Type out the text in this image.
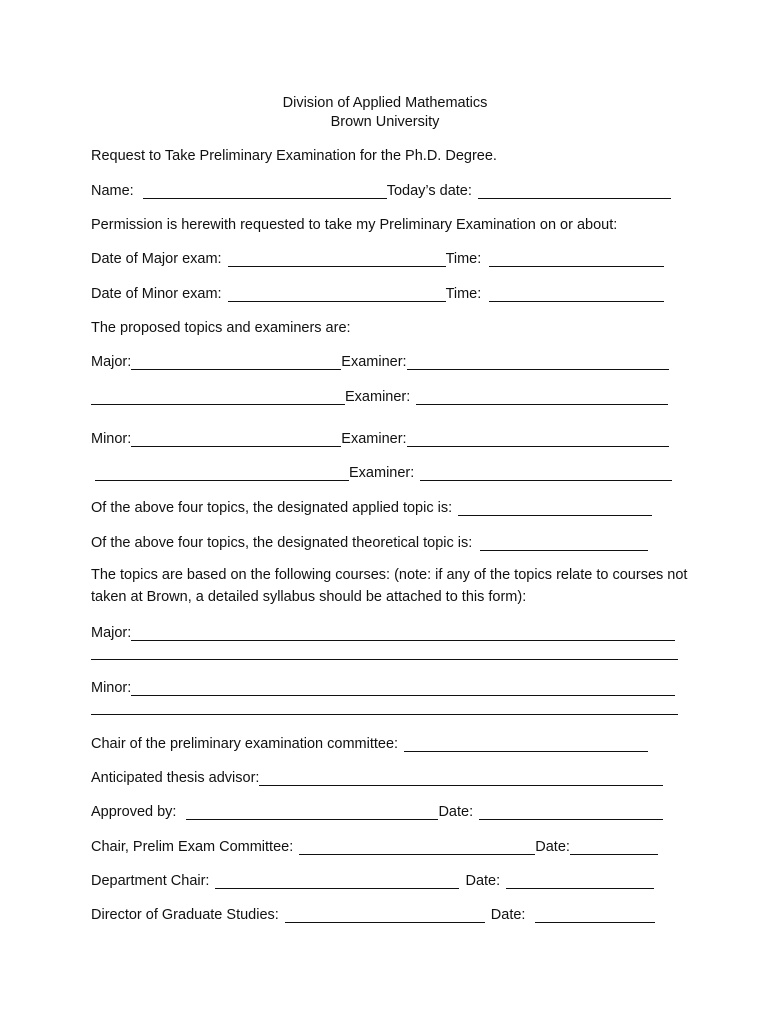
Division of Applied Mathematics
Brown University
Request to Take Preliminary Examination for the Ph.D. Degree.
Name:	Today’s date:
Permission is herewith requested to take my Preliminary Examination on or about:
Date of Major exam:	Time:
Date of Minor exam:	Time:
The proposed topics and examiners are:
Major:	Examiner:
Examiner:
Minor:	Examiner:
Examiner:
Of the above four topics, the designated applied topic is:
Of the above four topics, the designated theoretical topic is:
The topics are based on the following courses: (note: if any of the topics relate to courses not taken at Brown, a detailed syllabus should be attached to this form):
Major:
Minor:
Chair of the preliminary examination committee:
Anticipated thesis advisor:
Approved by:	Date:
Chair, Prelim Exam Committee:	Date:
Department Chair:	Date:
Director of Graduate Studies:	Date:
